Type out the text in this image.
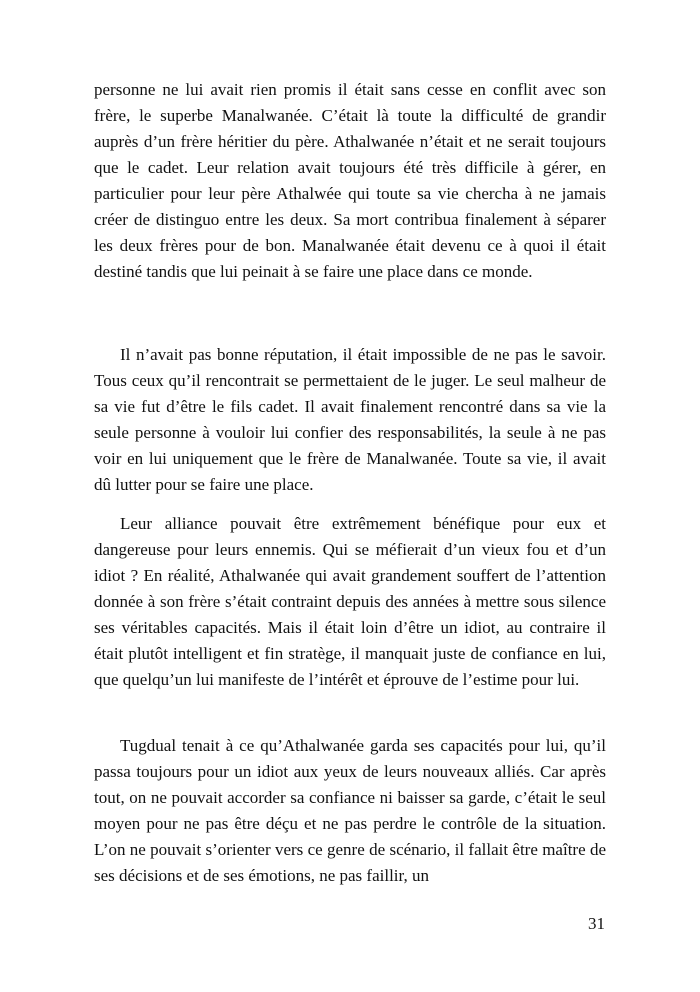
personne ne lui avait rien promis il était sans cesse en conflit avec son frère, le superbe Manalwanée. C’était là toute la difficulté de grandir auprès d’un frère héritier du père. Athalwanée n’était et ne serait toujours que le cadet. Leur relation avait toujours été très difficile à gérer, en particulier pour leur père Athalwée qui toute sa vie chercha à ne jamais créer de distinguo entre les deux. Sa mort contribua finalement à séparer les deux frères pour de bon. Manalwanée était devenu ce à quoi il était destiné tandis que lui peinait à se faire une place dans ce monde.

Il n’avait pas bonne réputation, il était impossible de ne pas le savoir. Tous ceux qu’il rencontrait se permettaient de le juger. Le seul malheur de sa vie fut d’être le fils cadet. Il avait finalement rencontré dans sa vie la seule personne à vouloir lui confier des responsabilités, la seule à ne pas voir en lui uniquement que le frère de Manalwanée. Toute sa vie, il avait dû lutter pour se faire une place.

Leur alliance pouvait être extrêmement bénéfique pour eux et dangereuse pour leurs ennemis. Qui se méfierait d’un vieux fou et d’un idiot ? En réalité, Athalwanée qui avait grandement souffert de l’attention donnée à son frère s’était contraint depuis des années à mettre sous silence ses véritables capacités. Mais il était loin d’être un idiot, au contraire il était plutôt intelligent et fin stratège, il manquait juste de confiance en lui, que quelqu’un lui manifeste de l’intérêt et éprouve de l’estime pour lui.

Tugdual tenait à ce qu’Athalwanée garda ses capacités pour lui, qu’il passa toujours pour un idiot aux yeux de leurs nouveaux alliés. Car après tout, on ne pouvait accorder sa confiance ni baisser sa garde, c’était le seul moyen pour ne pas être déçu et ne pas perdre le contrôle de la situation. L’on ne pouvait s’orienter vers ce genre de scénario, il fallait être maître de ses décisions et de ses émotions, ne pas faillir, un

31
